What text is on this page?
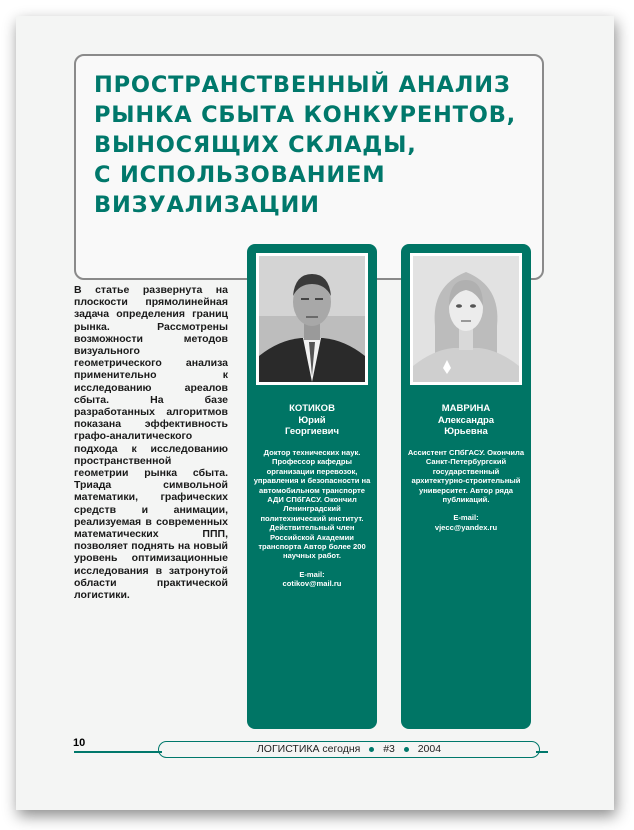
ПРОСТРАНСТВЕННЫЙ АНАЛИЗ
РЫНКА СБЫТА КОНКУРЕНТОВ,
ВЫНОСЯЩИХ СКЛАДЫ,
С ИСПОЛЬЗОВАНИЕМ
ВИЗУАЛИЗАЦИИ

В статье развернута на плоскости прямолинейная задача определения границ рынка. Рассмотрены возможности методов визуального геометрического анализа применительно к исследованию ареалов сбыта. На базе разработанных алгоритмов показана эффективность графо-аналитического подхода к исследованию пространственной геометрии рынка сбыта. Триада символьной математики, графических средств и анимации, реализуемая в современных математических ППП, позволяет поднять на новый уровень оптимизационные исследования в затронутой области практической логистики.

КОТИКОВ
Юрий
Георгиевич
Доктор технических наук. Профессор кафедры организации перевозок, управления и безопасности на автомобильном транспорте АДИ СПбГАСУ. Окончил Ленинградский политехнический институт. Действительный член Российской Академии транспорта Автор более 200 научных работ.
E-mail:
cotikov@mail.ru
МАВРИНА
Александра
Юрьевна
Ассистент СПбГАСУ. Окончила Санкт-Петербургский государственный архитектурно-строительный университет. Автор ряда публикаций.
E-mail:
vjecc@yandex.ru
10	ЛОГИСТИКА сегодня #3 2004
